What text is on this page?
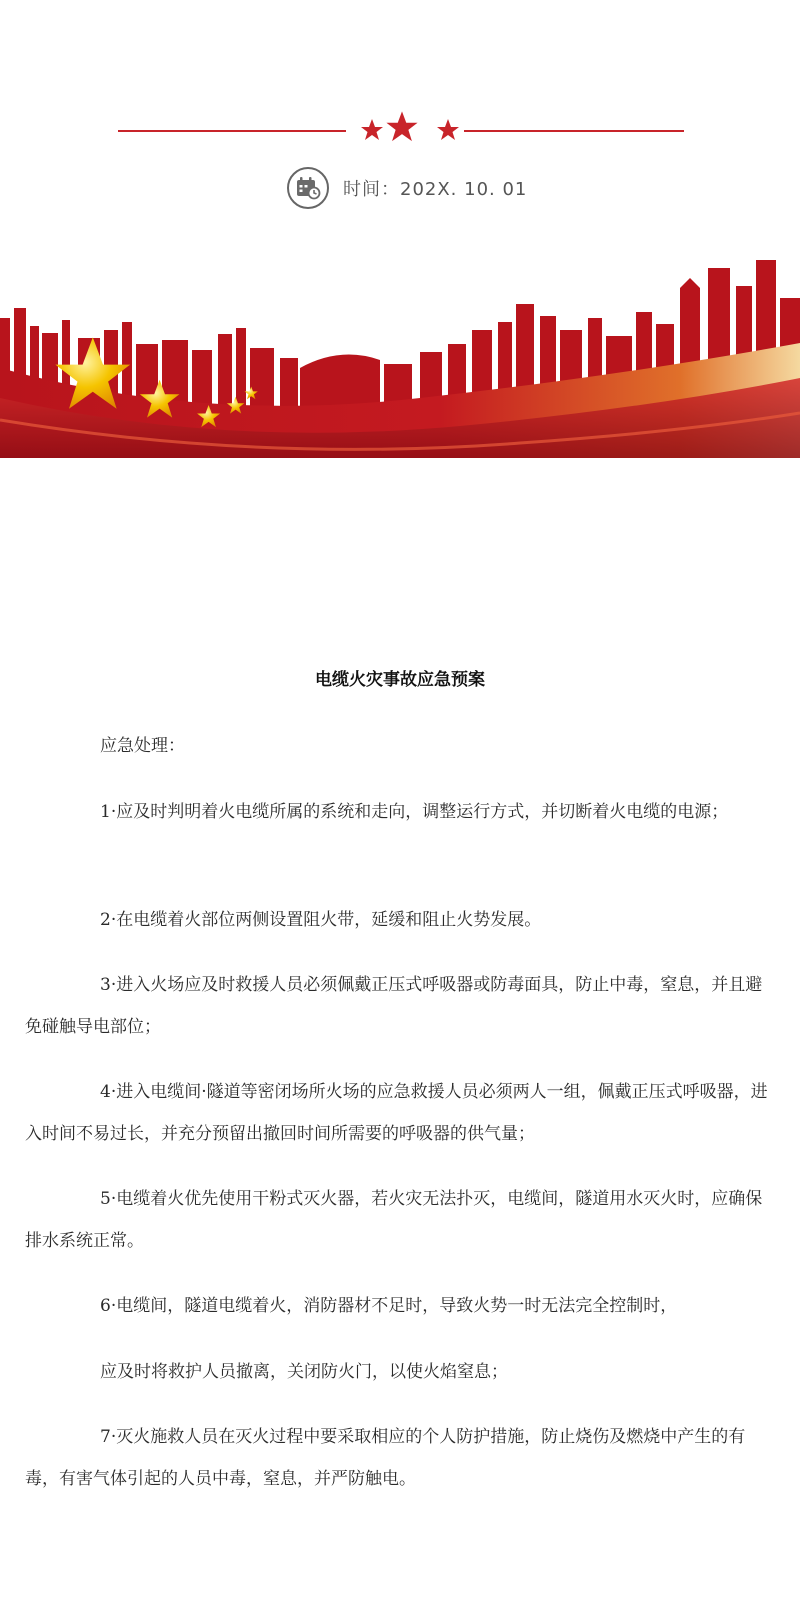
时间：202X. 10. 01
电缆火灾事故应急预案
应急处理：
1·应及时判明着火电缆所属的系统和走向，调整运行方式，并切断着火电缆的电源；
2·在电缆着火部位两侧设置阻火带，延缓和阻止火势发展。
3·进入火场应及时救援人员必须佩戴正压式呼吸器或防毒面具，防止中毒，窒息，并且避免碰触导电部位；
4·进入电缆间·隧道等密闭场所火场的应急救援人员必须两人一组，佩戴正压式呼吸器，进入时间不易过长，并充分预留出撤回时间所需要的呼吸器的供气量；
5·电缆着火优先使用干粉式灭火器，若火灾无法扑灭，电缆间，隧道用水灭火时，应确保排水系统正常。
6·电缆间，隧道电缆着火，消防器材不足时，导致火势一时无法完全控制时，
应及时将救护人员撤离，关闭防火门，以使火焰窒息；
7·灭火施救人员在灭火过程中要采取相应的个人防护措施，防止烧伤及燃烧中产生的有毒，有害气体引起的人员中毒，窒息，并严防触电。
